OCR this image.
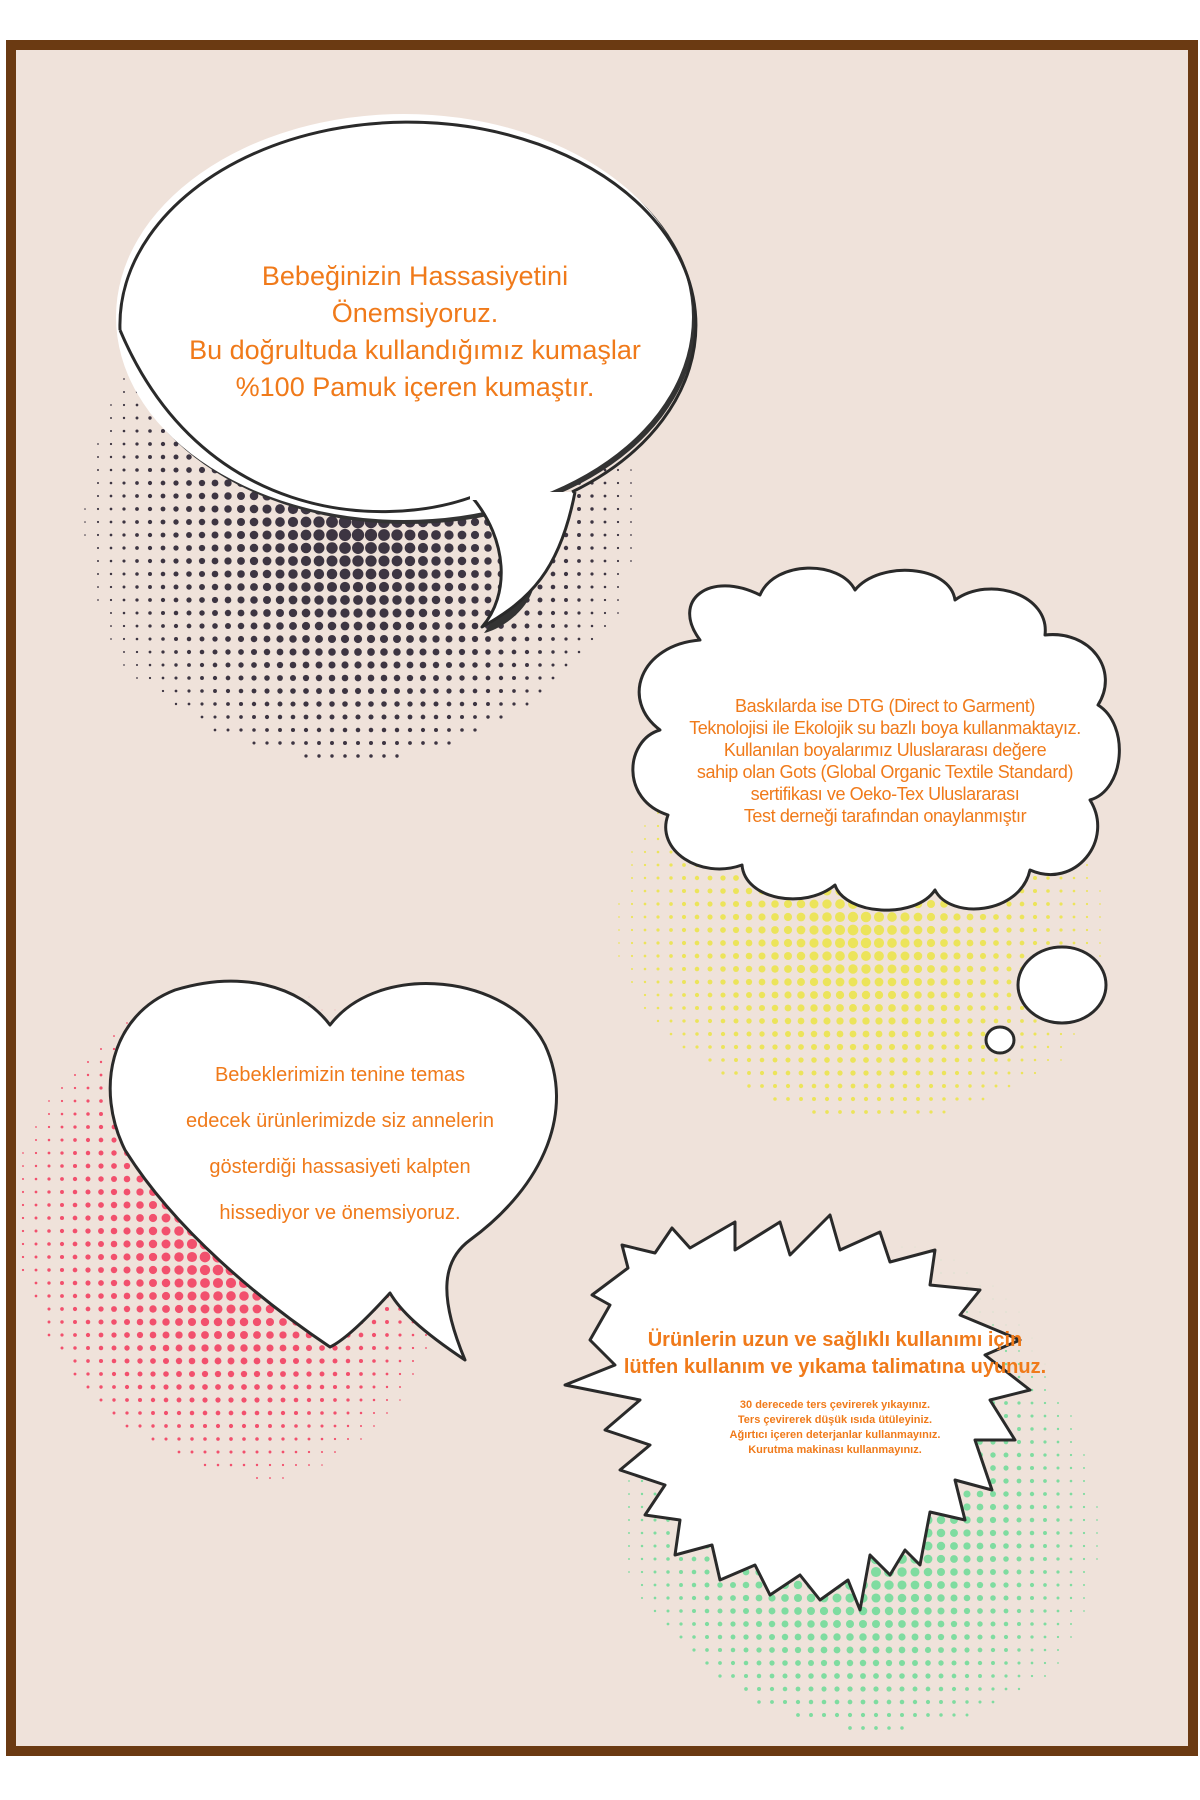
Bebeğinizin Hassasiyetini
Önemsiyoruz.
Bu doğrultuda kullandığımız kumaşlar
%100 Pamuk içeren kumaştır.
Baskılarda ise DTG (Direct to Garment)
Teknolojisi ile Ekolojik su bazlı boya kullanmaktayız.
Kullanılan boyalarımız Uluslararası değere
sahip olan Gots (Global Organic Textile Standard)
sertifikası ve Oeko-Tex Uluslararası
Test derneği tarafından onaylanmıştır
Bebeklerimizin tenine temas
edecek ürünlerimizde siz annelerin
gösterdiği hassasiyeti kalpten
hissediyor ve önemsiyoruz.
Ürünlerin uzun ve sağlıklı kullanımı için
lütfen kullanım ve yıkama talimatına uyunuz.
30 derecede ters çevirerek yıkayınız.
Ters çevirerek düşük ısıda ütüleyiniz.
Ağırtıcı içeren deterjanlar kullanmayınız.
Kurutma makinası kullanmayınız.
